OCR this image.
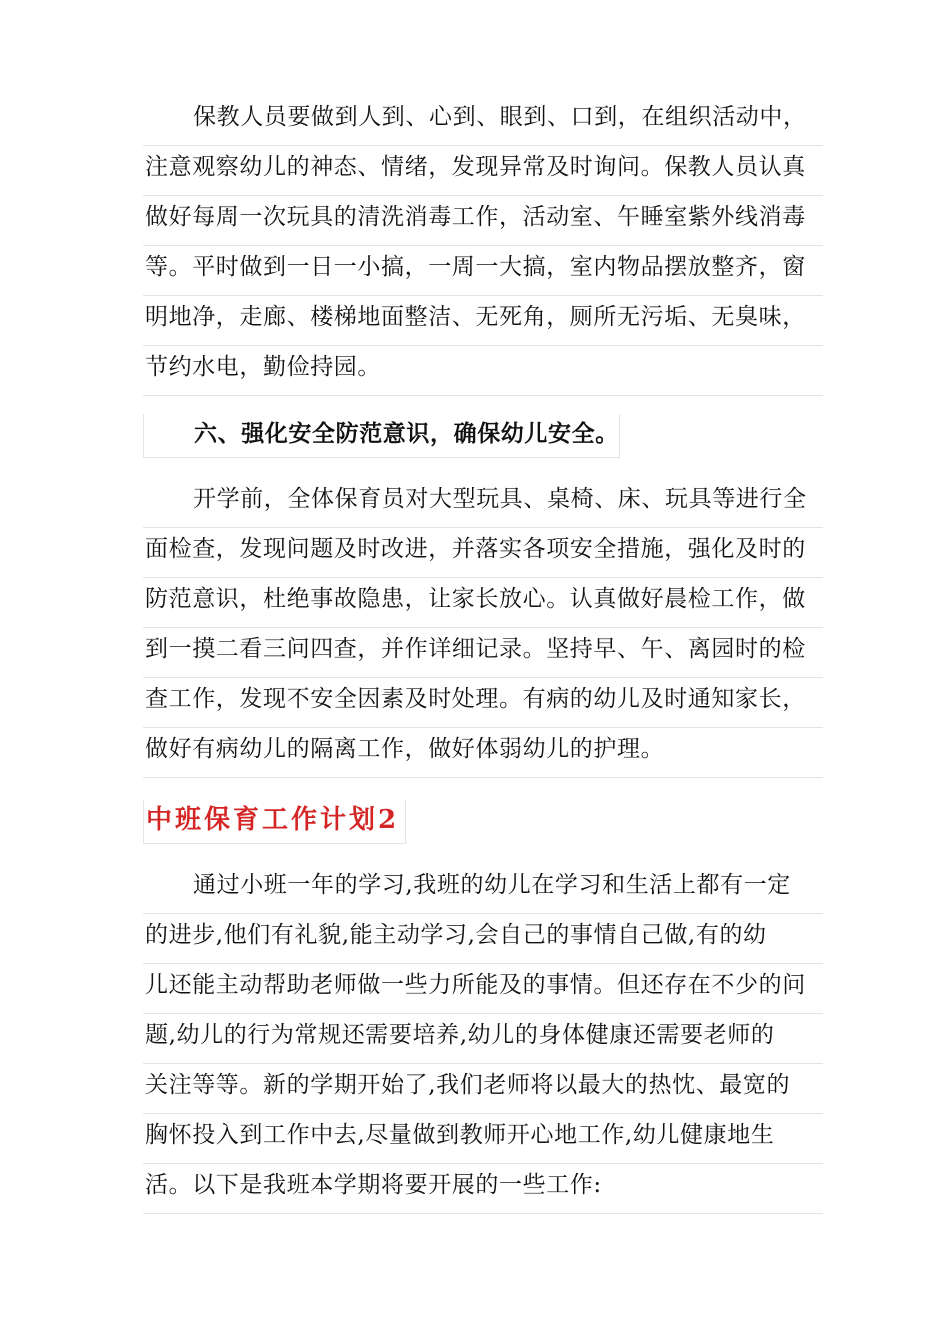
保教人员要做到人到、心到、眼到、口到，在组织活动中，
注意观察幼儿的神态、情绪，发现异常及时询问。保教人员认真
做好每周一次玩具的清洗消毒工作，活动室、午睡室紫外线消毒
等。平时做到一日一小搞，一周一大搞，室内物品摆放整齐，窗
明地净，走廊、楼梯地面整洁、无死角，厕所无污垢、无臭味，
节约水电，勤俭持园。
六、强化安全防范意识，确保幼儿安全。
开学前，全体保育员对大型玩具、桌椅、床、玩具等进行全
面检查，发现问题及时改进，并落实各项安全措施，强化及时的
防范意识，杜绝事故隐患，让家长放心。认真做好晨检工作，做
到一摸二看三问四查，并作详细记录。坚持早、午、离园时的检
查工作，发现不安全因素及时处理。有病的幼儿及时通知家长，
做好有病幼儿的隔离工作，做好体弱幼儿的护理。
中班保育工作计划2
通过小班一年的学习,我班的幼儿在学习和生活上都有一定
的进步,他们有礼貌,能主动学习,会自己的事情自己做,有的幼
儿还能主动帮助老师做一些力所能及的事情。但还存在不少的问
题,幼儿的行为常规还需要培养,幼儿的身体健康还需要老师的
关注等等。新的学期开始了,我们老师将以最大的热忱、最宽的
胸怀投入到工作中去,尽量做到教师开心地工作,幼儿健康地生
活。以下是我班本学期将要开展的一些工作:
